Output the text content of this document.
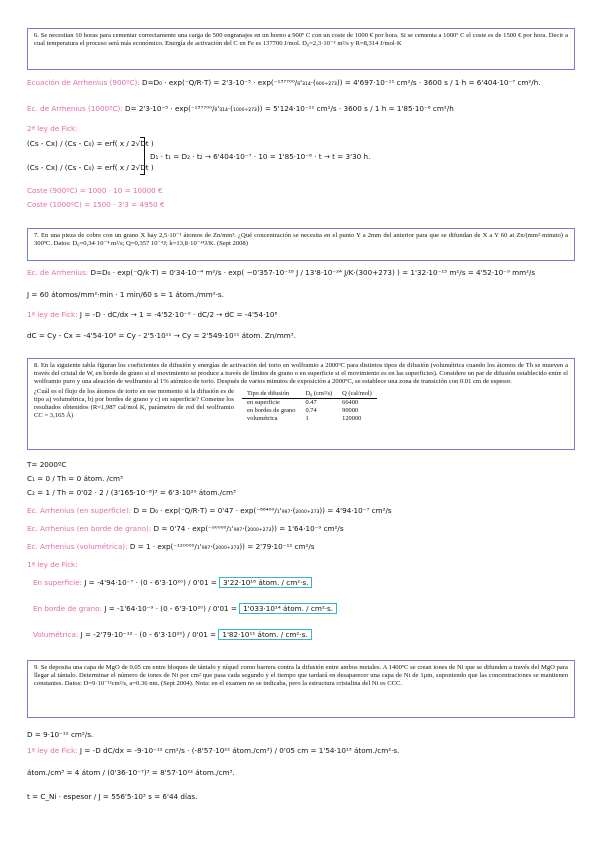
6. Se necesitan 10 horas para cementar correctamente una carga de 500 engranajes en un horno a 900º C con un coste de 1000 € por hora. Si se cementa a 1000º C el coste es de 1500 € por hora. Decir a cual temperatura el proceso será más económico. Energía de activación del C en Fe es 137700 J/mol. D₀=2,3·10⁻⁵ m²/s y R=8,314 J/mol·K
Ecuación de Arrhenius (900ºC): D=D₀ · exp(⁻Q/R·T) = 2'3·10⁻⁵ · exp(⁻¹³⁷⁷⁰⁰/₈'₃₁₄·(₉₀₀₊₂₇₃)) = 4'697·10⁻¹¹ cm²/s · 3600 s / 1 h = 6'404·10⁻⁷ cm²/h.
Ec. de Arrhenius (1000ºC): D= 2'3·10⁻⁵ · exp(⁻¹³⁷⁷⁰⁰/₈'₃₁₄·(₁₀₀₀₊₂₇₃)) = 5'124·10⁻¹¹ cm²/s · 3600 s / 1 h = 1'85·10⁻⁶ cm²/h
2ª ley de Fick:
(Cs - Cx) / (Cs - C₀) = erf( x / 2√Dt )
(Cs - Cx) / (Cs - C₀) = erf( x / 2√Dt )
D₁ · t₁ = D₂ · t₂ → 6'404·10⁻⁷ · 10 = 1'85·10⁻⁶ · t → t = 3'30 h.
Coste (900ºC) = 1000 · 10 = 10000 €
Coste (1000ºC) = 1500 · 3'3 = 4950 €
7. En una pieza de cobre con un grano X hay 2,5·10⁻¹ átomos de Zn/mm³. ¿Qué concentración se necesita en el punto Y a 2mm del anterior para que se difundan de X a Y 60 at Zn/(mm²·minuto) a 300ºC. Datos: D₀=0,34·10⁻⁴ m²/s; Q=0,357 10⁻⁴J; k=13,8·10⁻¹⁴J/K. (Sept 2008)
Ec. de Arrhenius: D=D₀ · exp(⁻Q/k·T) = 0'34·10⁻⁴ m²/s · exp( −0'357·10⁻¹⁸ J / 13'8·10⁻²⁴ J/K·(300+273) ) = 1'32·10⁻¹⁵ m²/s = 4'52·10⁻⁹ mm²/s
J = 60 átomos/mm²·min · 1 min/60 s = 1 átom./mm²·s.
1ª ley de Fick: J = -D · dC/dx → 1 = -4'52·10⁻⁹ · dC/2 → dC = -4'54·10⁸
dC = Cy - Cx = -4'54·10⁸ = Cy - 2'5·10¹¹ → Cy = 2'549·10¹¹ átom. Zn/mm³.
8. En la siguiente tabla figuran los coeficientes de difusión y energías de activación del torio en wolframio a 2000ºC para distintos tipos de difusión (volumétrica cuando los átomos de Th se mueven a través del cristal de W, en borde de grano si el movimiento se produce a través de límites de grano o en superficie si el movimiento es en las superficies). Considere un par de difusión establecido entre el wolframio puro y una aleación de wolframio al 1% atómico de torio. Después de varios minutos de exposición a 2000ºC, se establece una zona de transición con 0.01 cm de espesor.
¿Cuál es el flujo de los átomos de torio en ese momento si la difusión es de tipo a) volumétrica, b) por bordes de grano y c) en superficie? Cometne los resultados obtenidos (R=1,987 cal/mol K, parámetro de red del wolframio CC = 3,165 Å)
Tipo de difusión	D₀ (cm²/s)	Q (cal/mol)
en superficie	0.47	66400
en bordes de grano	0.74	90000
volumétrica	1	120000
T= 2000ºC
C₁ = 0 / Th = 0 átom. /cm³
C₂ = 1 / Th = 0'02 · 2 / (3'165·10⁻⁸)³ = 6'3·10²⁰ átom./cm³
Ec. Arrhenius (en superficie): D = D₀ · exp(⁻Q/R·T) = 0'47 · exp(⁻⁶⁶⁴⁰⁰/₁'₉₈₇·(₂₀₀₀₊₂₇₃)) = 4'94·10⁻⁷ cm²/s
Ec. Arrhenius (en borde de grano): D = 0'74 · exp(⁻⁹⁰⁰⁰⁰/₁'₉₈₇·(₂₀₀₀₊₂₇₃)) = 1'64·10⁻⁹ cm²/s
Ec. Arrhenius (volumétrica): D = 1 · exp(⁻¹²⁰⁰⁰⁰/₁'₉₈₇·(₂₀₀₀₊₂₇₃)) = 2'79·10⁻¹² cm²/s
1ª ley de Fick:
En superficie: J = -4'94·10⁻⁷ · (0 - 6'3·10²⁰) / 0'01 = 3'22·10¹⁶ átom. / cm²·s.
En borde de grano: J = -1'64·10⁻⁹ · (0 - 6'3·10²⁰) / 0'01 = 1'033·10¹⁴ átom. / cm²·s.
Volumétrica: J = -2'79·10⁻¹² · (0 - 6'3·10²⁰) / 0'01 = 1'82·10¹¹ átom. / cm²·s.
9. Se deposita una capa de MgO de 0.05 cm entre bloques de tántalo y níquel como barrera contra la difusión entre ambos metales. A 1400ºC se crean iones de Ni que se difunden a través del MgO para llegar al tántalo. Determinar el número de iones de Ni por cm² que pasa cada segundo y el tiempo que tardará en desaparecer una capa de Ni de 1μm, suponiendo que las concentraciones se mantienen constantes. Datos: D=9·10⁻¹²cm²/s, a=0.36 nm. (Sept 2004). Nota: en el examen no se indicaba, pero la estructura cristalina del Ni es CCC.
D = 9·10⁻¹² cm²/s.
1ª ley de Fick: J = -D dC/dx = -9·10⁻¹² cm²/s · (-8'57·10²² átom./cm³) / 0'05 cm = 1'54·10¹³ átom./cm²·s.
átom./cm³ = 4 átom / (0'36·10⁻⁷)³ = 8'57·10²² átom./cm³.
t = C_Ni · espesor / J = 556'5·10³ s = 6'44 días.
